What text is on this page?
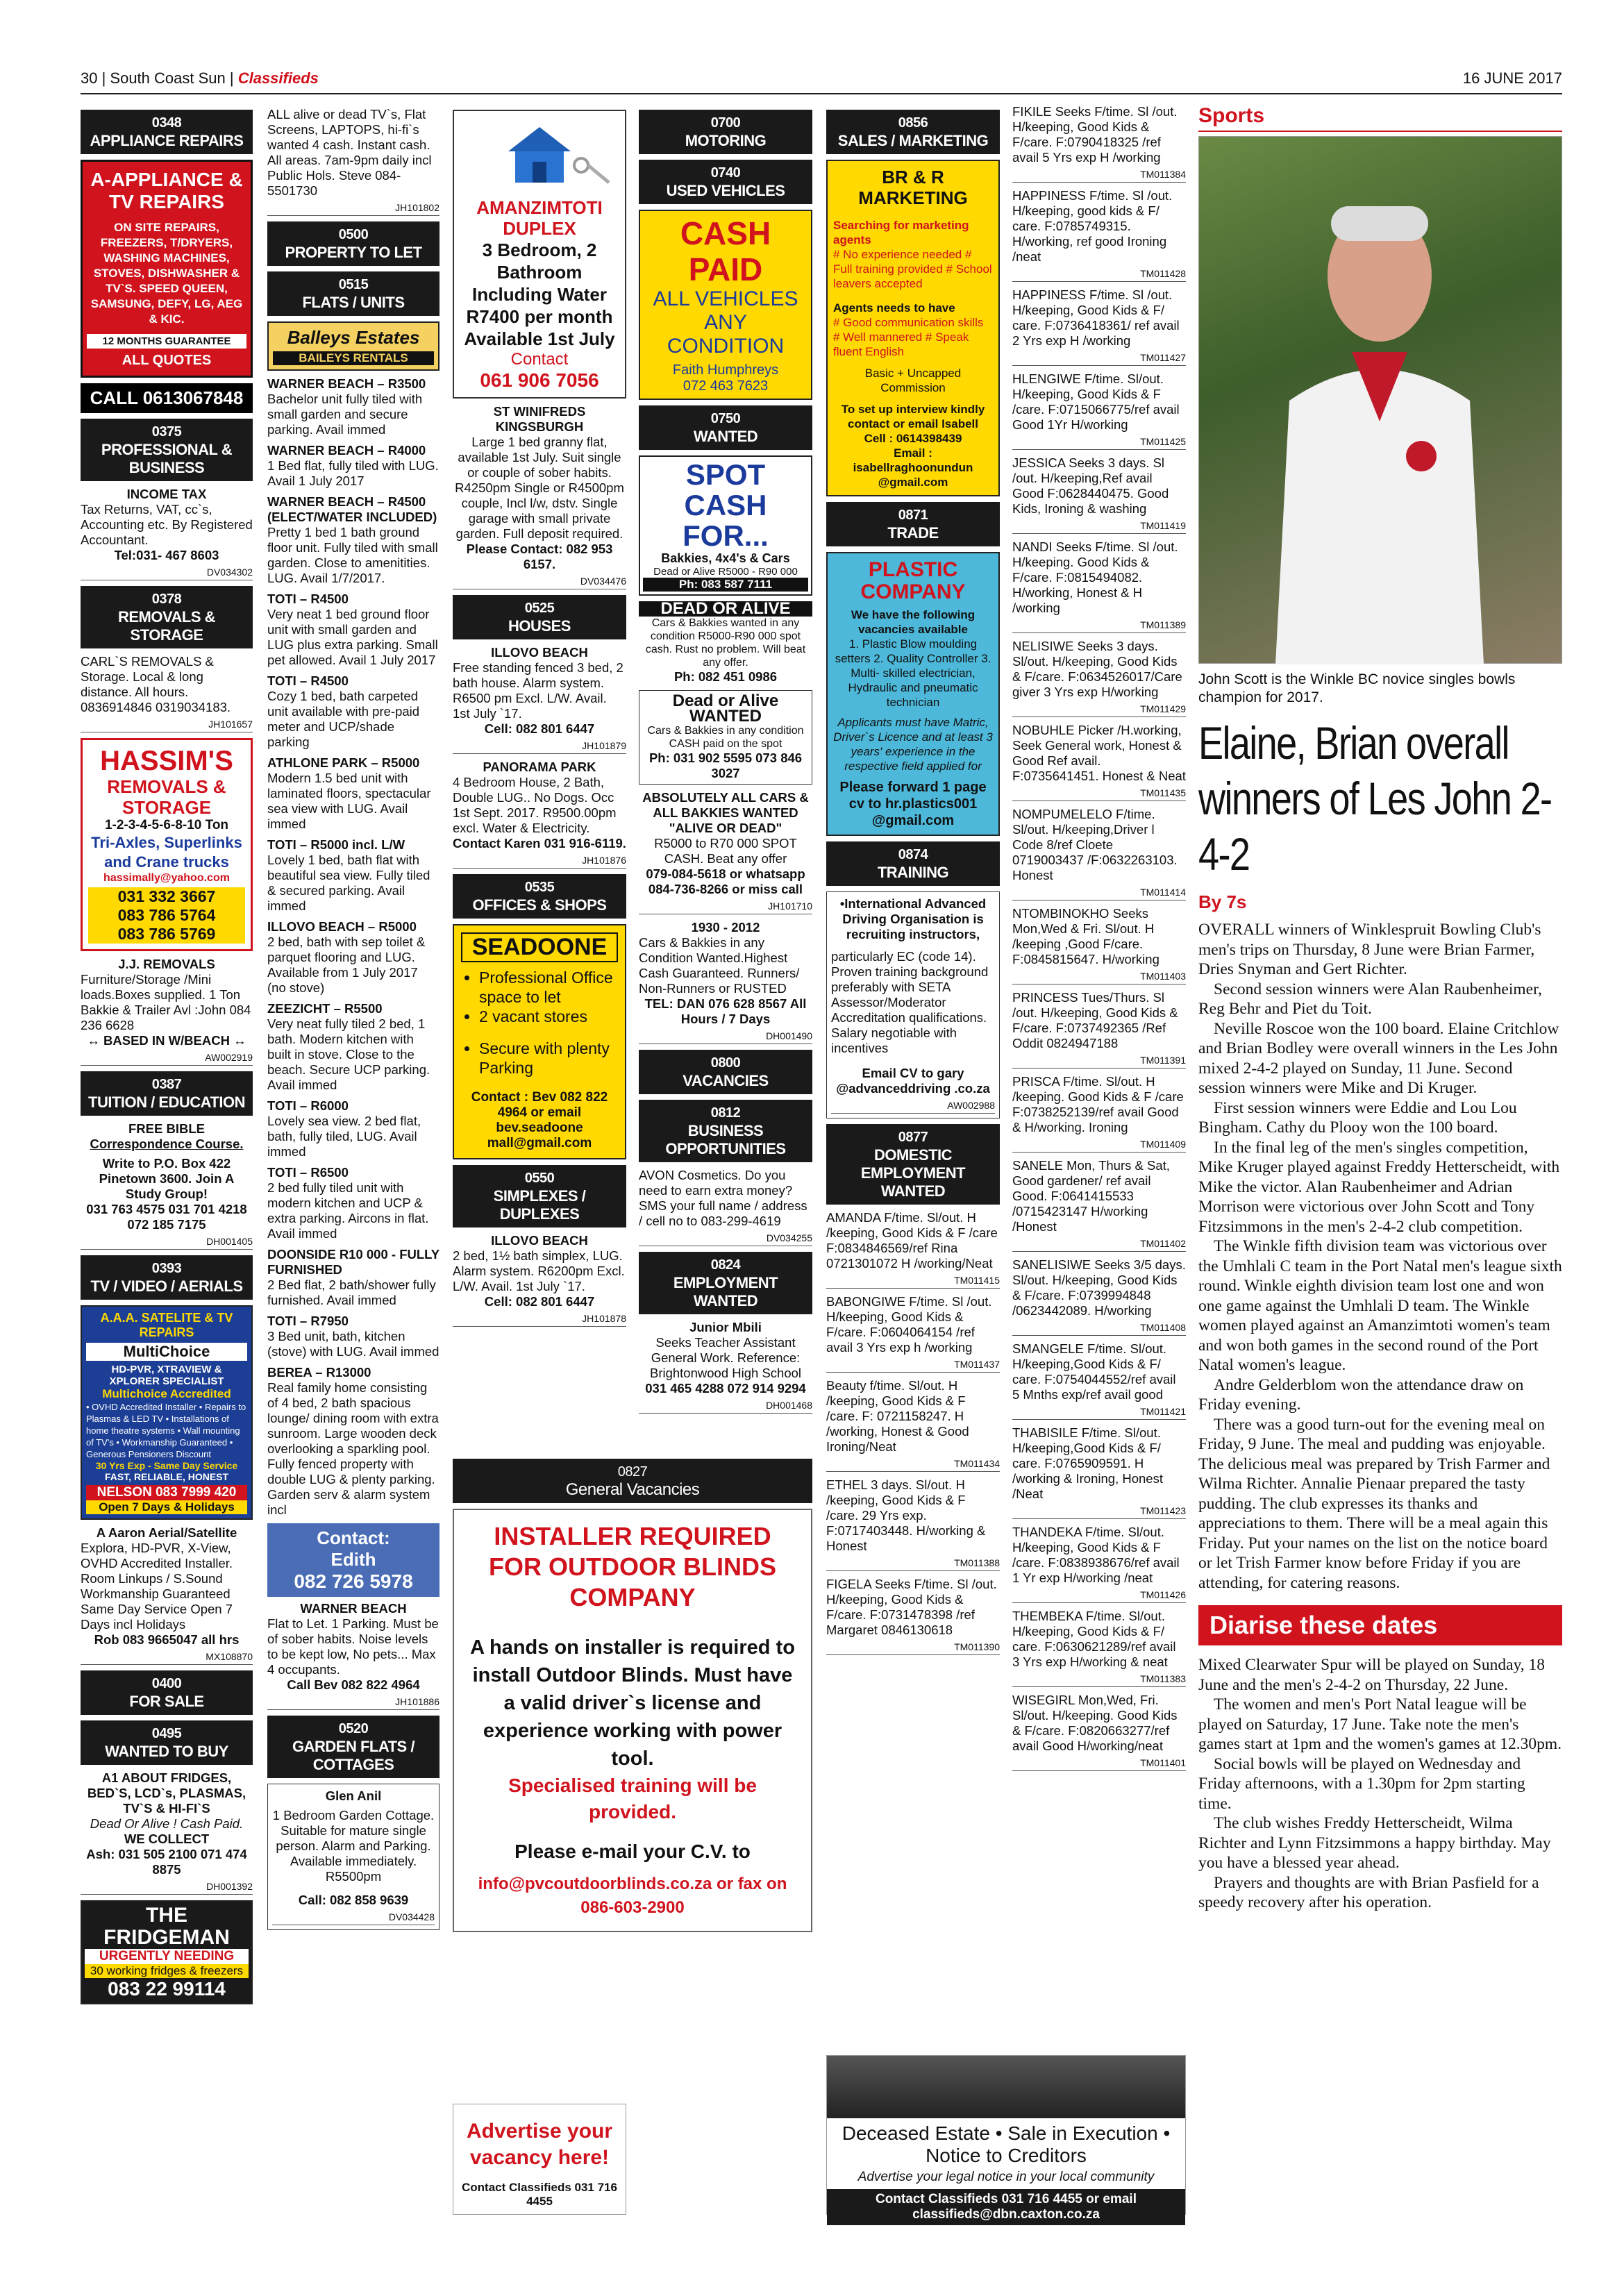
30 | South Coast Sun | Classifieds	16 JUNE 2017
0348
APPLIANCE REPAIRS
A-APPLIANCE & TV REPAIRS
ON SITE REPAIRS, FREEZERS, T/DRYERS, WASHING MACHINES, STOVES, DISHWASHER & TV`S. SPEED QUEEN, SAMSUNG, DEFY, LG, AEG & KIC.
12 MONTHS GUARANTEE
ALL QUOTES
CALL 0613067848
0375
PROFESSIONAL & BUSINESS
INCOME TAX
Tax Returns, VAT, cc`s, Accounting etc. By Registered Accountant.
Tel:031- 467 8603
DV034302
0378
REMOVALS & STORAGE
CARL`S REMOVALS & Storage. Local & long distance. All hours. 0836914846 0319034183.
JH101657
HASSIM'S
REMOVALS & STORAGE
1-2-3-4-5-6-8-10 Ton
Tri-Axles, Superlinks and Crane trucks
hassimally@yahoo.com
031 332 3667
083 786 5764
083 786 5769
J.J. REMOVALS
Furniture/Storage /Mini loads.Boxes supplied. 1 Ton Bakkie & Trailer Avl :John 084 236 6628
↔ BASED IN W/BEACH ↔
AW002919
0387
TUITION / EDUCATION
FREE BIBLE
Correspondence Course.
Write to P.O. Box 422 Pinetown 3600. Join A Study Group!
031 763 4575 031 701 4218 072 185 7175
DH001405
0393
TV / VIDEO / AERIALS
A.A.A. SATELITE & TV REPAIRS
MultiChoice
HD-PVR, XTRAVIEW & XPLORER SPECIALIST
Multichoice Accredited
• OVHD Accredited Installer • Repairs to Plasmas & LED TV • Installations of home theatre systems • Wall mounting of TV's • Workmanship Guaranteed • Generous Pensioners Discount
30 Yrs Exp - Same Day Service
FAST, RELIABLE, HONEST
NELSON 083 7999 420
Open 7 Days & Holidays
A Aaron Aerial/Satellite
Explora, HD-PVR, X-View, OVHD Accredited Installer. Room Linkups / S.Sound Workmanship Guaranteed Same Day Service Open 7 Days incl Holidays
Rob 083 9665047 all hrs
MX108870
0400
FOR SALE
0495
WANTED TO BUY
A1 ABOUT FRIDGES, BED`S, LCD`s, PLASMAS, TV`S & HI-FI`S
Dead Or Alive ! Cash Paid.
WE COLLECT
Ash: 031 505 2100 071 474 8875
DH001392
THE FRIDGEMAN
URGENTLY NEEDING
30 working fridges & freezers
083 22 99114
ALL alive or dead TV`s, Flat Screens, LAPTOPS, hi-fi`s wanted 4 cash. Instant cash. All areas. 7am-9pm daily incl Public Hols. Steve 084- 5501730
JH101802
0500
PROPERTY TO LET
0515
FLATS / UNITS
Balleys Estates
BAILEYS RENTALS
WARNER BEACH – R3500
Bachelor unit fully tiled with small garden and secure parking. Avail immed
WARNER BEACH – R4000
1 Bed flat, fully tiled with LUG. Avail 1 July 2017
WARNER BEACH – R4500 (ELECT/WATER INCLUDED)
Pretty 1 bed 1 bath ground floor unit. Fully tiled with small garden. Close to amenitities. LUG. Avail 1/7/2017.
TOTI – R4500
Very neat 1 bed ground floor unit with small garden and LUG plus extra parking. Small pet allowed. Avail 1 July 2017
TOTI – R4500
Cozy 1 bed, bath carpeted unit available with pre-paid meter and UCP/shade parking
ATHLONE PARK – R5000
Modern 1.5 bed unit with laminated floors, spectacular sea view with LUG. Avail immed
TOTI – R5000 incl. L/W
Lovely 1 bed, bath flat with beautiful sea view. Fully tiled & secured parking. Avail immed
ILLOVO BEACH – R5000
2 bed, bath with sep toilet & parquet flooring and LUG. Available from 1 July 2017 (no stove)
ZEEZICHT – R5500
Very neat fully tiled 2 bed, 1 bath. Modern kitchen with built in stove. Close to the beach. Secure UCP parking. Avail immed
TOTI – R6000
Lovely sea view. 2 bed flat, bath, fully tiled, LUG. Avail immed
TOTI – R6500
2 bed fully tiled unit with modern kitchen and UCP & extra parking. Aircons in flat. Avail immed
DOONSIDE R10 000 - FULLY FURNISHED
2 Bed flat, 2 bath/shower fully furnished. Avail immed
TOTI – R7950
3 Bed unit, bath, kitchen (stove) with LUG. Avail immed
BEREA – R13000
Real family home consisting of 4 bed, 2 bath spacious lounge/ dining room with extra sunroom. Large wooden deck overlooking a sparkling pool. Fully fenced property with double LUG & plenty parking. Garden serv & alarm system incl
Contact:
Edith
082 726 5978
WARNER BEACH
Flat to Let. 1 Parking. Must be of sober habits. Noise levels to be kept low, No pets... Max 4 occupants.
Call Bev 082 822 4964
JH101886
0520
GARDEN FLATS / COTTAGES
Glen Anil
1 Bedroom Garden Cottage. Suitable for mature single person. Alarm and Parking. Available immediately. R5500pm
Call: 082 858 9639
DV034428
AMANZIMTOTI DUPLEX
3 Bedroom, 2 Bathroom Including Water R7400 per month Available 1st July
Contact
061 906 7056
ST WINIFREDS KINGSBURGH
Large 1 bed granny flat, available 1st July. Suit single or couple of sober habits. R4250pm Single or R4500pm couple, Incl l/w, dstv. Single garage with small private garden. Full deposit required.
Please Contact: 082 953 6157.
DV034476
0525
HOUSES
ILLOVO BEACH
Free standing fenced 3 bed, 2 bath house. Alarm system. R6500 pm Excl. L/W. Avail. 1st July `17.
Cell: 082 801 6447
JH101879
PANORAMA PARK
4 Bedroom House, 2 Bath, Double LUG.. No Dogs. Occ 1st Sept. 2017. R9500.00pm excl. Water & Electricity.
Contact Karen 031 916-6119.
JH101876
0535
OFFICES & SHOPS
SEADOONE
• Professional Office space to let
• 2 vacant stores
• Secure with plenty Parking
Contact : Bev 082 822 4964 or email bev.seadoone mall@gmail.com
0550
SIMPLEXES / DUPLEXES
ILLOVO BEACH
2 bed, 1½ bath simplex, LUG. Alarm system. R6200pm Excl. L/W. Avail. 1st July `17.
Cell: 082 801 6447
JH101878
0827
General Vacancies
INSTALLER REQUIRED FOR OUTDOOR BLINDS COMPANY
A hands on installer is required to install Outdoor Blinds. Must have a valid driver`s license and experience working with power tool.
Specialised training will be provided.
Please e-mail your C.V. to
info@pvcoutdoorblinds.co.za or fax on 086-603-2900
0700
MOTORING
0740
USED VEHICLES
CASH PAID
ALL VEHICLES ANY CONDITION
Faith Humphreys
072 463 7623
0750
WANTED
SPOT CASH FOR...
Bakkies, 4x4's & Cars
Dead or Alive R5000 - R90 000
Ph: 083 587 7111
DEAD OR ALIVE
Cars & Bakkies wanted in any condition R5000-R90 000 spot cash. Rust no problem. Will beat any offer.
Ph: 082 451 0986
Dead or Alive WANTED
Cars & Bakkies in any condition CASH paid on the spot
Ph: 031 902 5595 073 846 3027
ABSOLUTELY ALL CARS & ALL BAKKIES WANTED "ALIVE OR DEAD"
R5000 to R70 000 SPOT CASH. Beat any offer
079-084-5618 or whatsapp 084-736-8266 or miss call
JH101710
1930 - 2012
Cars & Bakkies in any Condition Wanted.Highest Cash Guaranteed. Runners/ Non-Runners or RUSTED
TEL: DAN 076 628 8567 All Hours / 7 Days
DH001490
0800
VACANCIES
0812
BUSINESS OPPORTUNITIES
AVON Cosmetics. Do you need to earn extra money? SMS your full name / address / cell no to 083-299-4619
DV034255
0824
EMPLOYMENT WANTED
Junior Mbili
Seeks Teacher Assistant General Work. Reference: Brightonwood High School
031 465 4288 072 914 9294
DH001468
Advertise your vacancy here!
Contact Classifieds 031 716 4455
Deceased Estate • Sale in Execution • Notice to Creditors
Advertise your legal notice in your local community
Contact Classifieds 031 716 4455 or email classifieds@dbn.caxton.co.za
0856
SALES / MARKETING
BR & R MARKETING
Searching for marketing agents
# No experience needed # Full training provided # School leavers accepted
Agents needs to have
# Good communication skills # Well mannered # Speak fluent English
Basic + Uncapped Commission
To set up interview kindly contact or email Isabell
Cell : 0614398439
Email : isabellraghoonundun @gmail.com
0871
TRADE
PLASTIC COMPANY
We have the following vacancies available
1. Plastic Blow moulding setters 2. Quality Controller 3. Multi- skilled electrician, Hydraulic and pneumatic technician
Applicants must have Matric, Driver`s Licence and at least 3 years' experience in the respective field applied for
Please forward 1 page cv to hr.plastics001 @gmail.com
0874
TRAINING
•International Advanced Driving Organisation is recruiting instructors,
particularly EC (code 14). Proven training background preferably with SETA Assessor/Moderator Accreditation qualifications. Salary negotiable with incentives
Email CV to gary @advanceddriving .co.za
AW002988
0877
DOMESTIC EMPLOYMENT WANTED
AMANDA F/time. Sl/out. H /keeping, Good Kids & F /care F:0834846569/ref Rina 0721301072 H /working/Neat
TM011415
BABONGIWE F/time. Sl /out. H/keeping, Good Kids & F/care. F:0604064154 /ref avail 3 Yrs exp h /working
TM011437
Beauty f/time. Sl/out. H /keeping, Good Kids & F /care. F: 0721158247. H /working, Honest & Good Ironing/Neat
TM011434
ETHEL 3 days. Sl/out. H /keeping, Good Kids & F /care. 29 Yrs exp. F:0717403448. H/working & Honest
TM011388
FIGELA Seeks F/time. Sl /out. H/keeping, Good Kids & F/care. F:0731478398 /ref Margaret 0846130618
TM011390
FIKILE Seeks F/time. Sl /out. H/keeping, Good Kids & F/care. F:0790418325 /ref avail 5 Yrs exp H /working
TM011384
HAPPINESS F/time. Sl /out. H/keeping, good kids & F/ care. F:0785749315. H/working, ref good Ironing /neat
TM011428
HAPPINESS F/time. Sl /out. H/keeping, Good Kids & F/ care. F:0736418361/ ref avail 2 Yrs exp H /working
TM011427
HLENGIWE F/time. Sl/out. H/keeping, Good Kids & F /care. F:0715066775/ref avail Good 1Yr H/working
TM011425
JESSICA Seeks 3 days. Sl /out. H/keeping,Ref avail Good F:0628440475. Good Kids, Ironing & washing
TM011419
NANDI Seeks F/time. Sl /out. H/keeping. Good Kids & F/care. F:0815494082. H/working, Honest & H /working
TM011389
NELISIWE Seeks 3 days. Sl/out. H/keeping, Good Kids & F/care. F:0634526017/Care giver 3 Yrs exp H/working
TM011429
NOBUHLE Picker /H.working, Seek General work, Honest & Good Ref avail. F:0735641451. Honest & Neat
TM011435
NOMPUMELELO F/time. Sl/out. H/keeping,Driver l Code 8/ref Cloete 0719003437 /F:0632263103. Honest
TM011414
NTOMBINOKHO Seeks Mon,Wed & Fri. Sl/out. H /keeping ,Good F/care. F:0845815647. H/working
TM011403
PRINCESS Tues/Thurs. Sl /out. H/keeping, Good Kids & F/care. F:0737492365 /Ref Oddit 0824947188
TM011391
PRISCA F/time. Sl/out. H /keeping. Good Kids & F /care F:0738252139/ref avail Good & H/working. Ironing
TM011409
SANELE Mon, Thurs & Sat, Good gardener/ ref avail Good. F:0641415533 /0715423147 H/working /Honest
TM011402
SANELISIWE Seeks 3/5 days. Sl/out. H/keeping, Good Kids & F/care. F:0739994848 /0623442089. H/working
TM011408
SMANGELE F/time. Sl/out. H/keeping,Good Kids & F/ care. F:0754044552/ref avail 5 Mnths exp/ref avail good
TM011421
THABISILE F/time. Sl/out. H/keeping,Good Kids & F/ care. F:0765909591. H /working & Ironing, Honest /Neat
TM011423
THANDEKA F/time. Sl/out. H/keeping, Good Kids & F /care. F:0838938676/ref avail 1 Yr exp H/working /neat
TM011426
THEMBEKA F/time. Sl/out. H/keeping, Good Kids & F/ care. F:0630621289/ref avail 3 Yrs exp H/working & neat
TM011383
WISEGIRL Mon,Wed, Fri. Sl/out. H/keeping. Good Kids & F/care. F:0820663277/ref avail Good H/working/neat
TM011401
Sports
John Scott is the Winkle BC novice singles bowls champion for 2017.
Elaine, Brian overall winners of Les John 2-4-2
By 7s

OVERALL winners of Winklespruit Bowling Club's men's trips on Thursday, 8 June were Brian Farmer, Dries Snyman and Gert Richter.

Second session winners were Alan Raubenheimer, Reg Behr and Piet du Toit.

Neville Roscoe won the 100 board. Elaine Critchlow and Brian Bodley were overall winners in the Les John mixed 2-4-2 played on Sunday, 11 June. Second session winners were Mike and Di Kruger.

First session winners were Eddie and Lou Lou Bingham. Cathy du Plooy won the 100 board.

In the final leg of the men's singles competition, Mike Kruger played against Freddy Hetterscheidt, with Mike the victor. Alan Raubenheimer and Adrian Morrison were victorious over John Scott and Tony Fitzsimmons in the men's 2-4-2 club competition.

The Winkle fifth division team was victorious over the Umhlali C team in the Port Natal men's league sixth round. Winkle eighth division team lost one and won one game against the Umhlali D team. The Winkle women played against an Amanzimtoti women's team and won both games in the second round of the Port Natal women's league.

Andre Gelderblom won the attendance draw on Friday evening.

There was a good turn-out for the evening meal on Friday, 9 June. The meal and pudding was enjoyable. The delicious meal was prepared by Trish Farmer and Wilma Richter. Annalie Pienaar prepared the tasty pudding. The club expresses its thanks and appreciations to them. There will be a meal again this Friday. Put your names on the list on the notice board or let Trish Farmer know before Friday if you are attending, for catering reasons.

Diarise these dates

Mixed Clearwater Spur will be played on Sunday, 18 June and the men's 2-4-2 on Thursday, 22 June.

The women and men's Port Natal league will be played on Saturday, 17 June. Take note the men's games start at 1pm and the women's games at 12.30pm.

Social bowls will be played on Wednesday and Friday afternoons, with a 1.30pm for 2pm starting time.

The club wishes Freddy Hetterscheidt, Wilma Richter and Lynn Fitzsimmons a happy birthday. May you have a blessed year ahead.

Prayers and thoughts are with Brian Pasfield for a speedy recovery after his operation.
